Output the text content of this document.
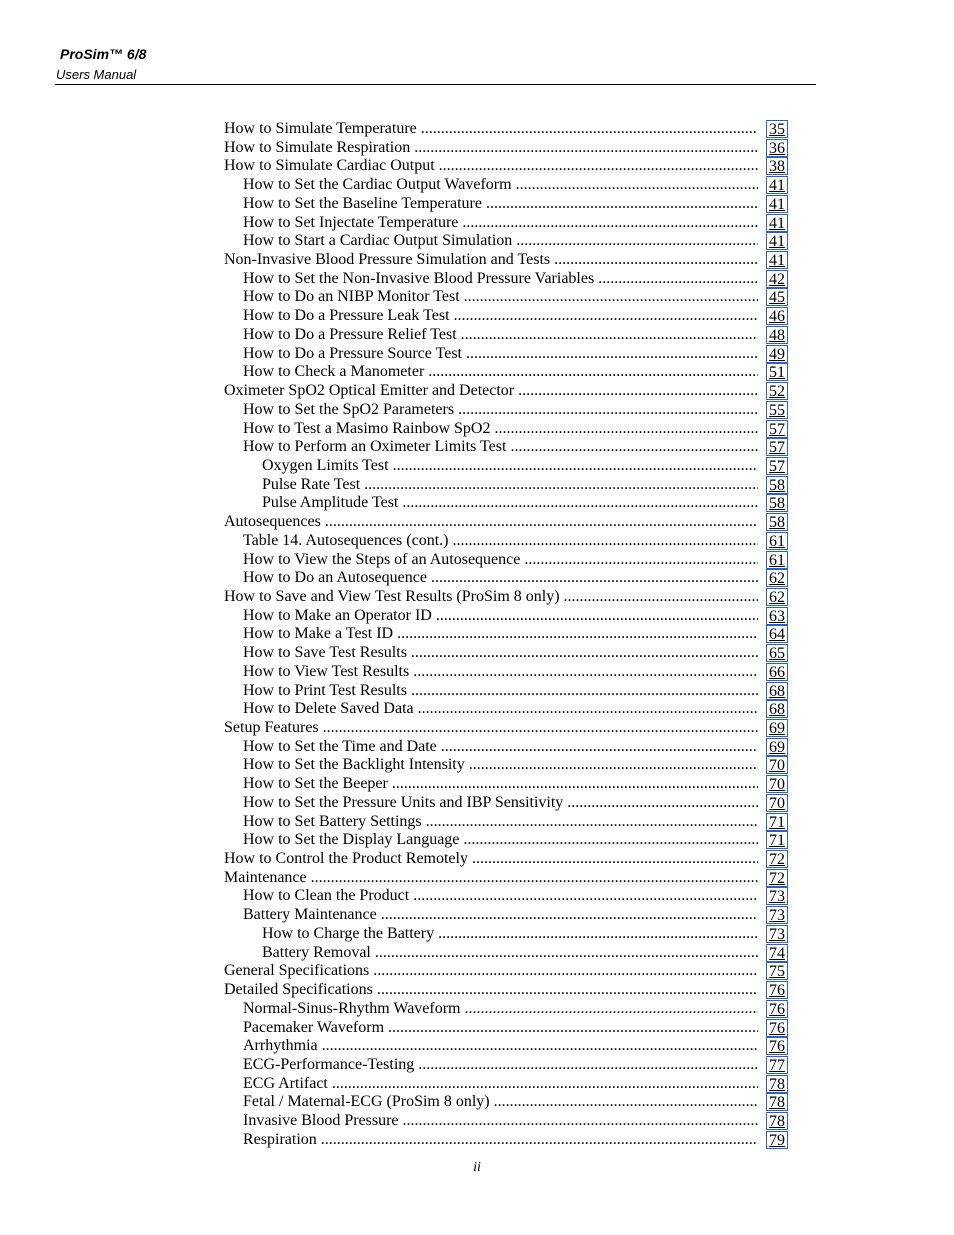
ProSim™ 6/8
Users Manual
How to Simulate Temperature .....	35
How to Simulate Respiration .....	36
How to Simulate Cardiac Output .....	38
How to Set the Cardiac Output Waveform .....	41
How to Set the Baseline Temperature .....	41
How to Set Injectate Temperature .....	41
How to Start a Cardiac Output Simulation .....	41
Non-Invasive Blood Pressure Simulation and Tests .....	41
How to Set the Non-Invasive Blood Pressure Variables .....	42
How to Do an NIBP Monitor Test .....	45
How to Do a Pressure Leak Test .....	46
How to Do a Pressure Relief Test .....	48
How to Do a Pressure Source Test .....	49
How to Check a Manometer .....	51
Oximeter SpO2 Optical Emitter and Detector .....	52
How to Set the SpO2 Parameters .....	55
How to Test a Masimo Rainbow SpO2 .....	57
How to Perform an Oximeter Limits Test .....	57
Oxygen Limits Test .....	57
Pulse Rate Test .....	58
Pulse Amplitude Test .....	58
Autosequences .....	58
Table 14. Autosequences (cont.) .....	61
How to View the Steps of an Autosequence .....	61
How to Do an Autosequence .....	62
How to Save and View Test Results (ProSim 8 only) .....	62
How to Make an Operator ID .....	63
How to Make a Test ID .....	64
How to Save Test Results .....	65
How to View Test Results .....	66
How to Print Test Results .....	68
How to Delete Saved Data .....	68
Setup Features .....	69
How to Set the Time and Date .....	69
How to Set the Backlight Intensity .....	70
How to Set the Beeper .....	70
How to Set the Pressure Units and IBP Sensitivity .....	70
How to Set Battery Settings .....	71
How to Set the Display Language .....	71
How to Control the Product Remotely .....	72
Maintenance .....	72
How to Clean the Product .....	73
Battery Maintenance .....	73
How to Charge the Battery .....	73
Battery Removal .....	74
General Specifications .....	75
Detailed Specifications .....	76
Normal-Sinus-Rhythm Waveform .....	76
Pacemaker Waveform .....	76
Arrhythmia .....	76
ECG-Performance-Testing .....	77
ECG Artifact .....	78
Fetal / Maternal-ECG (ProSim 8 only) .....	78
Invasive Blood Pressure .....	78
Respiration .....	79
ii
